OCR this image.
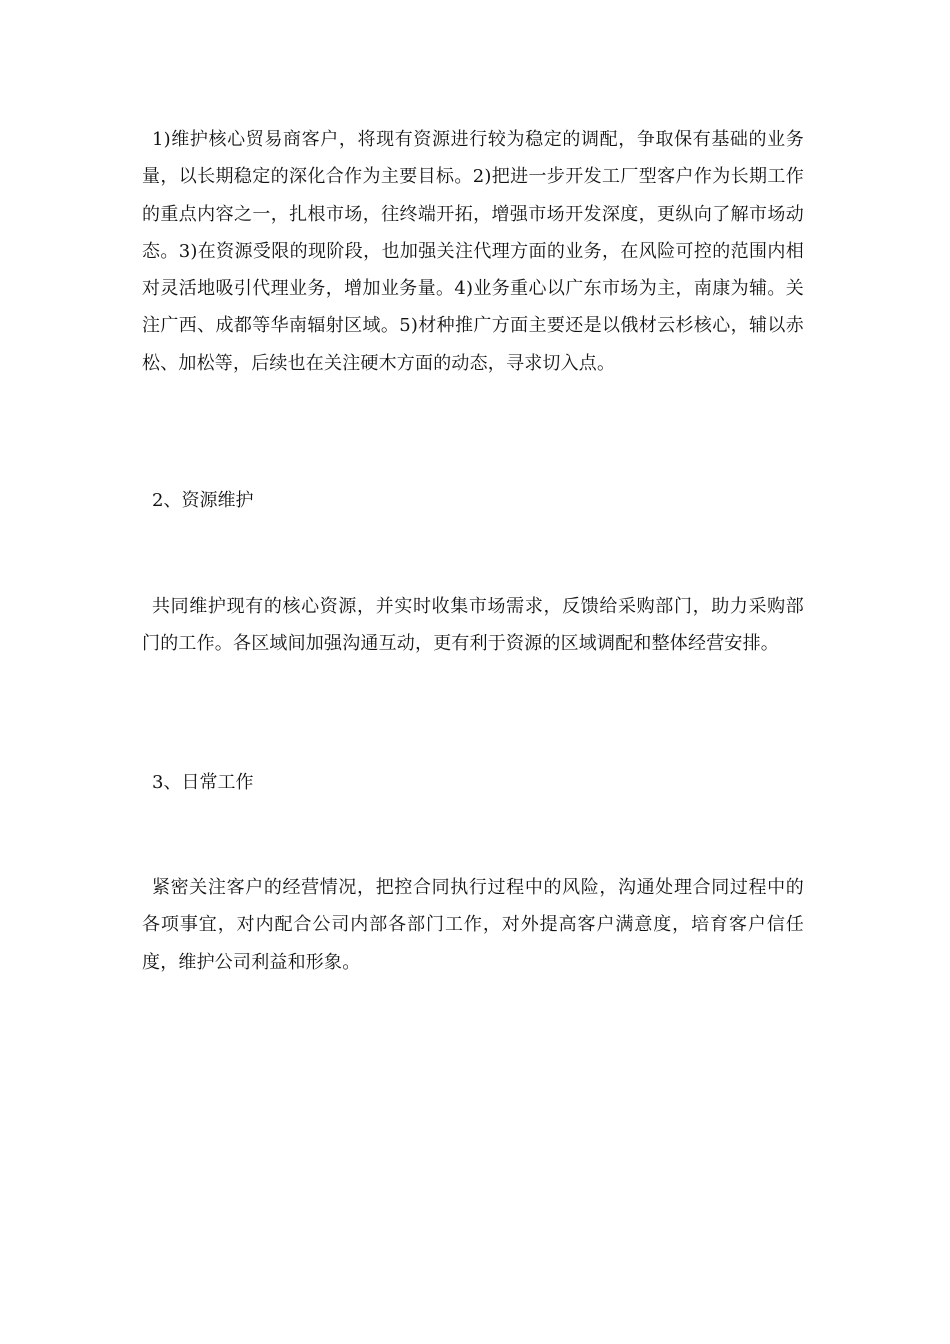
1)维护核心贸易商客户，将现有资源进行较为稳定的调配，争取保有基础的业务量，以长期稳定的深化合作为主要目标。2)把进一步开发工厂型客户作为长期工作的重点内容之一，扎根市场，往终端开拓，增强市场开发深度，更纵向了解市场动态。3)在资源受限的现阶段，也加强关注代理方面的业务，在风险可控的范围内相对灵活地吸引代理业务，增加业务量。4)业务重心以广东市场为主，南康为辅。关注广西、成都等华南辐射区域。5)材种推广方面主要还是以俄材云杉核心，辅以赤松、加松等，后续也在关注硬木方面的动态，寻求切入点。

2、资源维护

共同维护现有的核心资源，并实时收集市场需求，反馈给采购部门，助力采购部门的工作。各区域间加强沟通互动，更有利于资源的区域调配和整体经营安排。

3、日常工作

紧密关注客户的经营情况，把控合同执行过程中的风险，沟通处理合同过程中的各项事宜，对内配合公司内部各部门工作，对外提高客户满意度，培育客户信任度，维护公司利益和形象。
